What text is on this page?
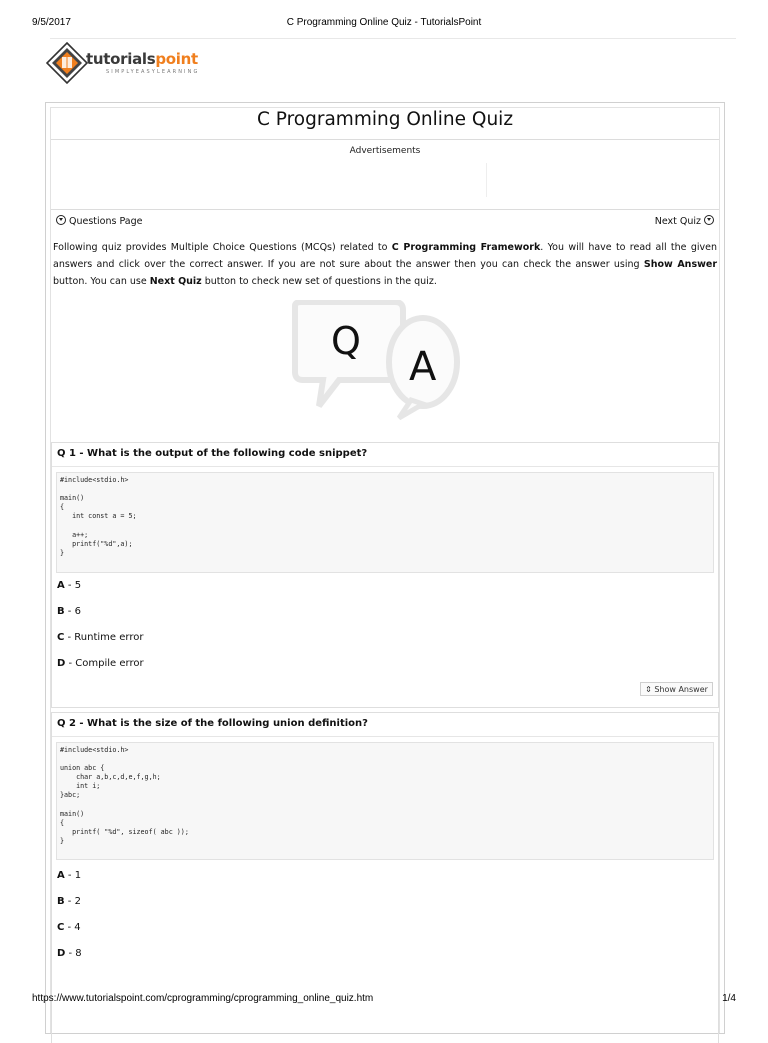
9/5/2017	C Programming Online Quiz - TutorialsPoint
tutorialspoint
SIMPLYEASYLEARNING
C Programming Online Quiz
Advertisements
Questions Page	Next Quiz
Following quiz provides Multiple Choice Questions (MCQs) related to C Programming Framework. You will have to read all the given answers and click over the correct answer. If you are not sure about the answer then you can check the answer using Show Answer button. You can use Next Quiz button to check new set of questions in the quiz.
Q
A
Q 1 - What is the output of the following code snippet?
#include<stdio.h>

main()
{
int const a = 5;

a++;
printf("%d",a);
}
A - 5
B - 6
C - Runtime error
D - Compile error
⇕ Show Answer
Q 2 - What is the size of the following union definition?
#include<stdio.h>

union abc {
char a,b,c,d,e,f,g,h;
int i;
}abc;

main()
{
printf( "%d", sizeof( abc ));
}
A - 1
B - 2
C - 4
D - 8
https://www.tutorialspoint.com/cprogramming/cprogramming_online_quiz.htm	1/4
